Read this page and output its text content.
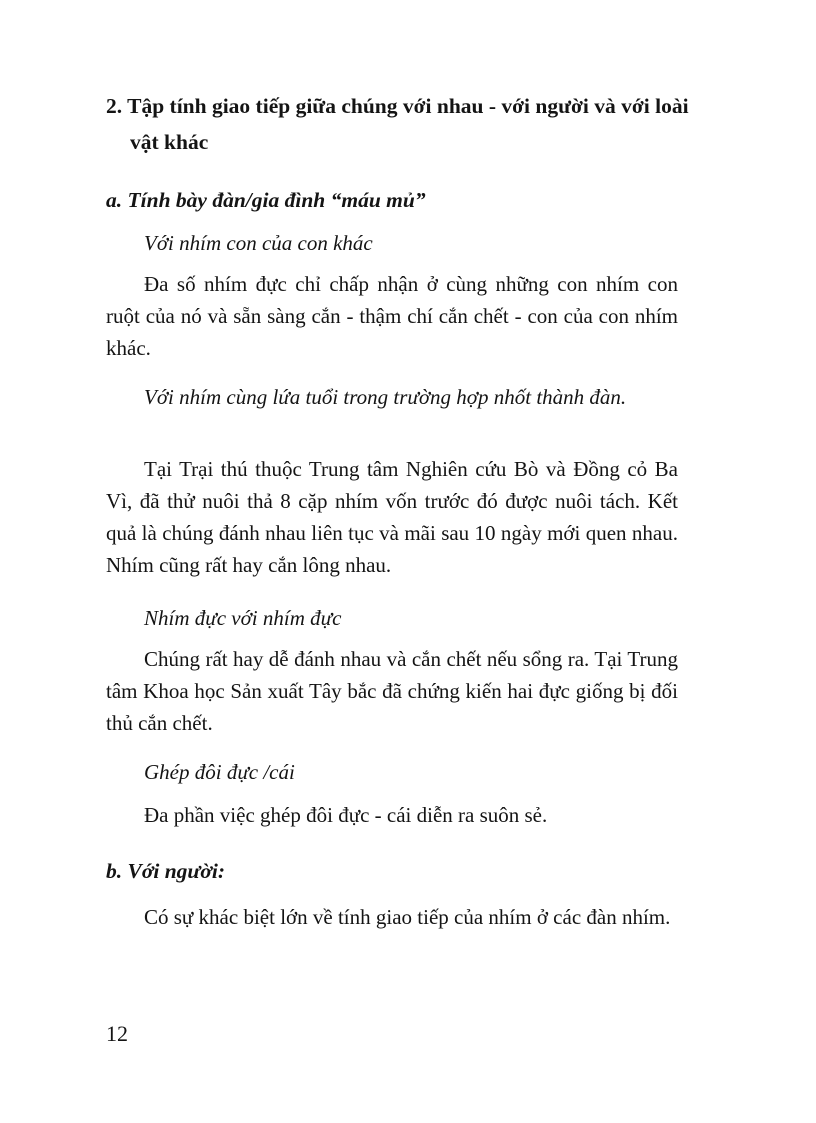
2. Tập tính giao tiếp giữa chúng với nhau - với người và với loài vật khác

a. Tính bày đàn/gia đình “máu mủ”

Với nhím con của con khác

Đa số nhím đực chỉ chấp nhận ở cùng những con nhím con ruột của nó và sẵn sàng cắn - thậm chí cắn chết - con của con nhím khác.

Với nhím cùng lứa tuổi trong trường hợp nhốt thành đàn.

Tại Trại thú thuộc Trung tâm Nghiên cứu Bò và Đồng cỏ Ba Vì, đã thử nuôi thả 8 cặp nhím vốn trước đó được nuôi tách. Kết quả là chúng đánh nhau liên tục và mãi sau 10 ngày mới quen nhau. Nhím cũng rất hay cắn lông nhau.

Nhím đực với nhím đực

Chúng rất hay dễ đánh nhau và cắn chết nếu sổng ra. Tại Trung tâm Khoa học Sản xuất Tây bắc đã chứng kiến hai đực giống bị đối thủ cắn chết.

Ghép đôi đực /cái

Đa phần việc ghép đôi đực - cái diễn ra suôn sẻ.

b. Với người:

Có sự khác biệt lớn về tính giao tiếp của nhím ở các đàn nhím.

12
